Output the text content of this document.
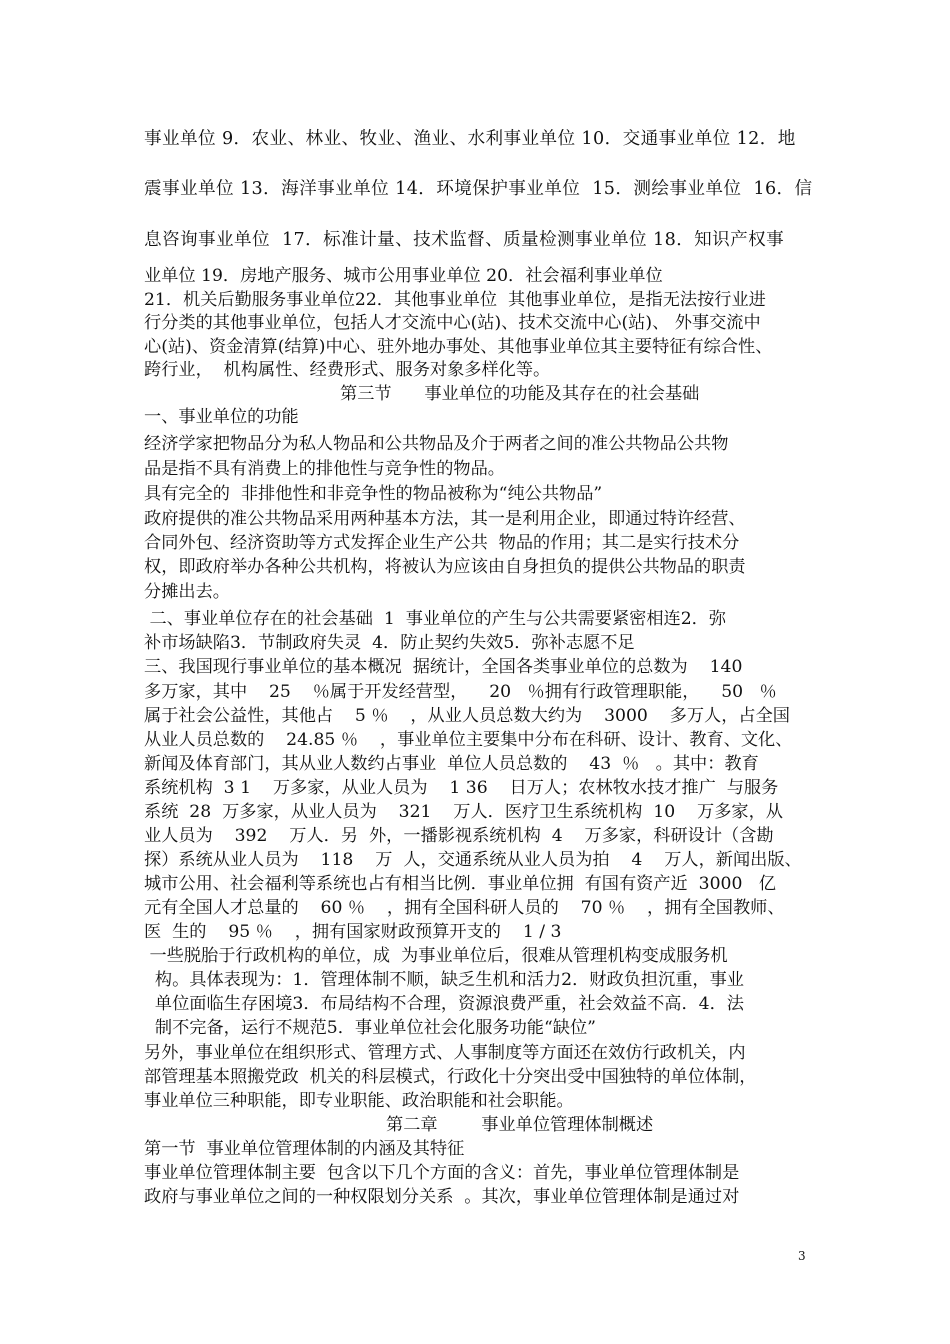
事业单位 9．农业、林业、牧业、渔业、水利事业单位 10．交通事业单位 12．地

震事业单位 13．海洋事业单位 14．环境保护事业单位  15．测绘事业单位  16．信

息咨询事业单位  17．标准计量、技术监督、质量检测事业单位 18．知识产权事

业单位 19．房地产服务、城市公用事业单位 20．社会福利事业单位

21．机关后勤服务事业单位22．其他事业单位  其他事业单位，是指无法按行业进

行分类的其他事业单位，包括人才交流中心(站)、技术交流中心(站)、 外事交流中

心(站)、资金清算(结算)中心、驻外地办事处、其他事业单位其主要特征有综合性、

跨行业，  机构属性、经费形式、服务对象多样化等。

第三节      事业单位的功能及其存在的社会基础

一、事业单位的功能

经济学家把物品分为私人物品和公共物品及介于两者之间的准公共物品公共物

品是指不具有消费上的排他性与竞争性的物品。

具有完全的  非排他性和非竞争性的物品被称为“纯公共物品”

政府提供的准公共物品采用两种基本方法，其一是利用企业，即通过特许经营、

合同外包、经济资助等方式发挥企业生产公共  物品的作用；其二是实行技术分

权，即政府举办各种公共机构，将被认为应该由自身担负的提供公共物品的职责

分摊出去。

二、事业单位存在的社会基础  1  事业单位的产生与公共需要紧密相连2．弥

补市场缺陷3．节制政府失灵  4．防止契约失效5．弥补志愿不足

三、我国现行事业单位的基本概况  据统计，全国各类事业单位的总数为    140

多万家，其中    25    ％属于开发经营型，    20   ％拥有行政管理职能，    50   ％

属于社会公益性，其他占    5 ％    ，从业人员总数大约为    3000    多万人，占全国

从业人员总数的    24.85 ％    ，事业单位主要集中分布在科研、设计、教育、文化、

新闻及体育部门，其从业人数约占事业  单位人员总数的    43  ％   。其中：教育

系统机构  3 1    万多家，从业人员为    1 36    日万人；农林牧水技才推广  与服务

系统  28  万多家，从业人员为    321    万人．医疗卫生系统机构  10    万多家，从

业人员为    392    万人．另  外，一播影视系统机构  4    万多家，科研设计（含勘

探）系统从业人员为    118    万  人，交通系统从业人员为拍    4    万人，新闻出版、

城市公用、社会福利等系统也占有相当比例．事业单位拥  有国有资产近  3000   亿

元有全国人才总量的    60 ％    ，拥有全国科研人员的    70 ％    ，拥有全国教师、

医  生的    95 ％    ，拥有国家财政预算开支的    1 / 3

一些脱胎于行政机构的单位，成  为事业单位后，很难从管理机构变成服务机

构。具体表现为：1．管理体制不顺，缺乏生机和活力2．财政负担沉重，事业

单位面临生存困境3．布局结构不合理，资源浪费严重，社会效益不高．4．法

制不完备，运行不规范5．事业单位社会化服务功能“缺位”

另外，事业单位在组织形式、管理方式、人事制度等方面还在效仿行政机关，内

部管理基本照搬党政  机关的科层模式，行政化十分突出受中国独特的单位体制，

事业单位三种职能，即专业职能、政治职能和社会职能。

第二章        事业单位管理体制概述

第一节  事业单位管理体制的内涵及其特征

事业单位管理体制主要  包含以下几个方面的含义：首先，事业单位管理体制是

政府与事业单位之间的一种权限划分关系  。其次，事业单位管理体制是通过对

3
